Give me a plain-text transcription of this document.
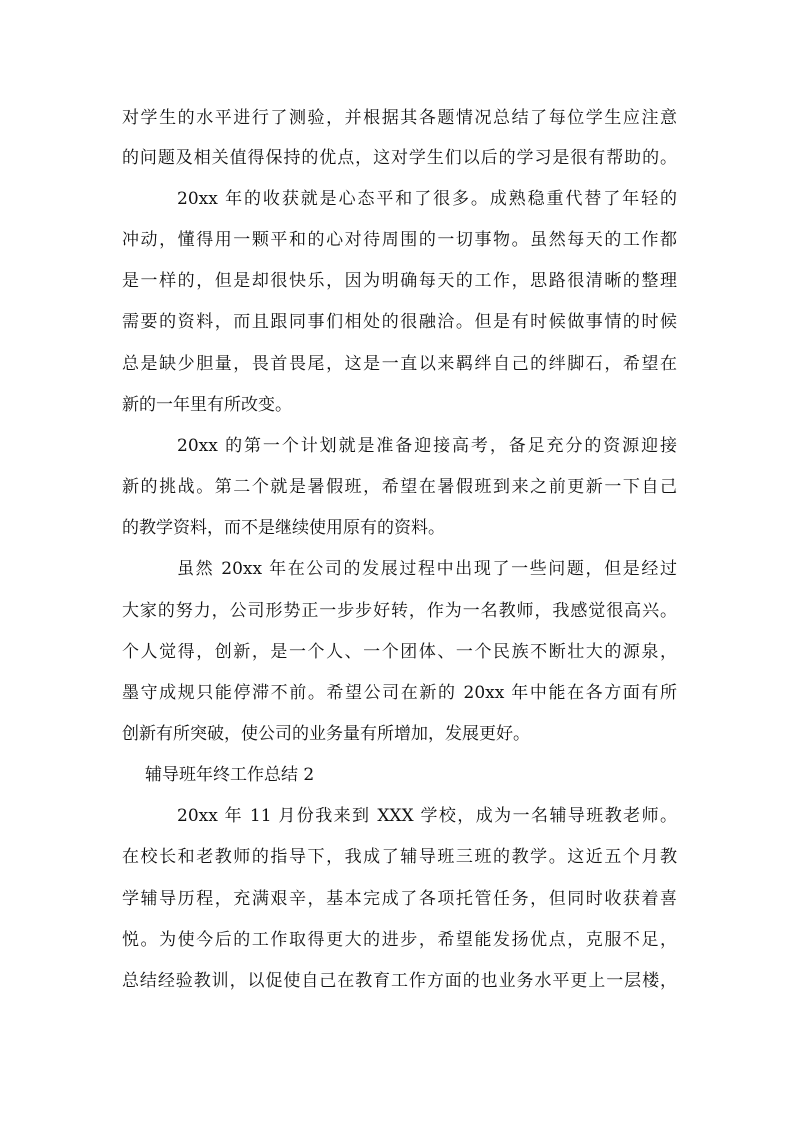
对学生的水平进行了测验，并根据其各题情况总结了每位学生应注意
的问题及相关值得保持的优点，这对学生们以后的学习是很有帮助的。
20xx 年的收获就是心态平和了很多。成熟稳重代替了年轻的
冲动，懂得用一颗平和的心对待周围的一切事物。虽然每天的工作都
是一样的，但是却很快乐，因为明确每天的工作，思路很清晰的整理
需要的资料，而且跟同事们相处的很融洽。但是有时候做事情的时候
总是缺少胆量，畏首畏尾，这是一直以来羁绊自己的绊脚石，希望在
新的一年里有所改变。
20xx 的第一个计划就是准备迎接高考，备足充分的资源迎接
新的挑战。第二个就是暑假班，希望在暑假班到来之前更新一下自己
的教学资料，而不是继续使用原有的资料。
虽然 20xx 年在公司的发展过程中出现了一些问题，但是经过
大家的努力，公司形势正一步步好转，作为一名教师，我感觉很高兴。
个人觉得，创新，是一个人、一个团体、一个民族不断壮大的源泉，
墨守成规只能停滞不前。希望公司在新的 20xx 年中能在各方面有所
创新有所突破，使公司的业务量有所增加，发展更好。
辅导班年终工作总结 2
20xx 年 11 月份我来到 XXX 学校，成为一名辅导班教老师。
在校长和老教师的指导下，我成了辅导班三班的教学。这近五个月教
学辅导历程，充满艰辛，基本完成了各项托管任务，但同时收获着喜
悦。为使今后的工作取得更大的进步，希望能发扬优点，克服不足，
总结经验教训，以促使自己在教育工作方面的也业务水平更上一层楼，
